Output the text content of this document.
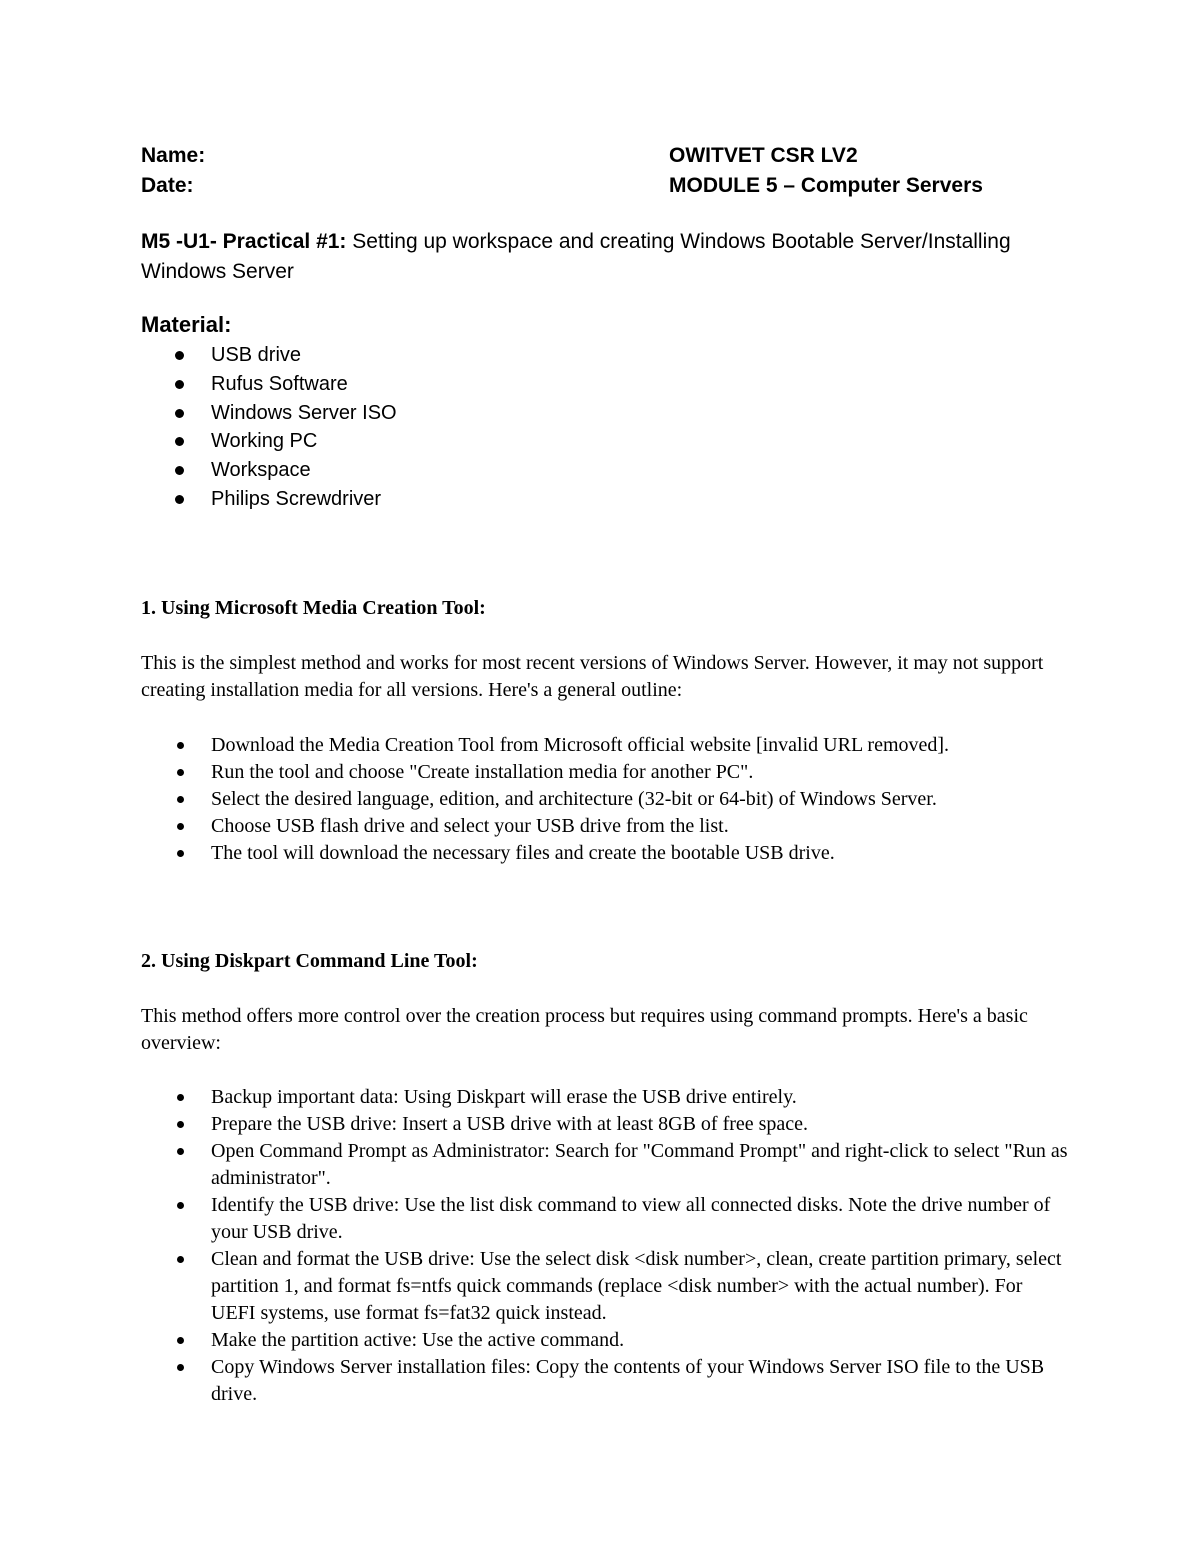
Name:
Date:
OWITVET CSR LV2
MODULE 5 – Computer Servers
M5 -U1- Practical #1: Setting up workspace and creating Windows Bootable Server/Installing Windows Server
Material:
USB drive
Rufus Software
Windows Server ISO
Working PC
Workspace
Philips Screwdriver
1. Using Microsoft Media Creation Tool:
This is the simplest method and works for most recent versions of Windows Server. However, it may not support creating installation media for all versions. Here's a general outline:
Download the Media Creation Tool from Microsoft official website [invalid URL removed].
Run the tool and choose "Create installation media for another PC".
Select the desired language, edition, and architecture (32-bit or 64-bit) of Windows Server.
Choose USB flash drive and select your USB drive from the list.
The tool will download the necessary files and create the bootable USB drive.
2. Using Diskpart Command Line Tool:
This method offers more control over the creation process but requires using command prompts. Here's a basic overview:
Backup important data: Using Diskpart will erase the USB drive entirely.
Prepare the USB drive: Insert a USB drive with at least 8GB of free space.
Open Command Prompt as Administrator: Search for "Command Prompt" and right-click to select "Run as administrator".
Identify the USB drive: Use the list disk command to view all connected disks. Note the drive number of your USB drive.
Clean and format the USB drive: Use the select disk <disk number>, clean, create partition primary, select partition 1, and format fs=ntfs quick commands (replace <disk number> with the actual number). For UEFI systems, use format fs=fat32 quick instead.
Make the partition active: Use the active command.
Copy Windows Server installation files: Copy the contents of your Windows Server ISO file to the USB drive.
